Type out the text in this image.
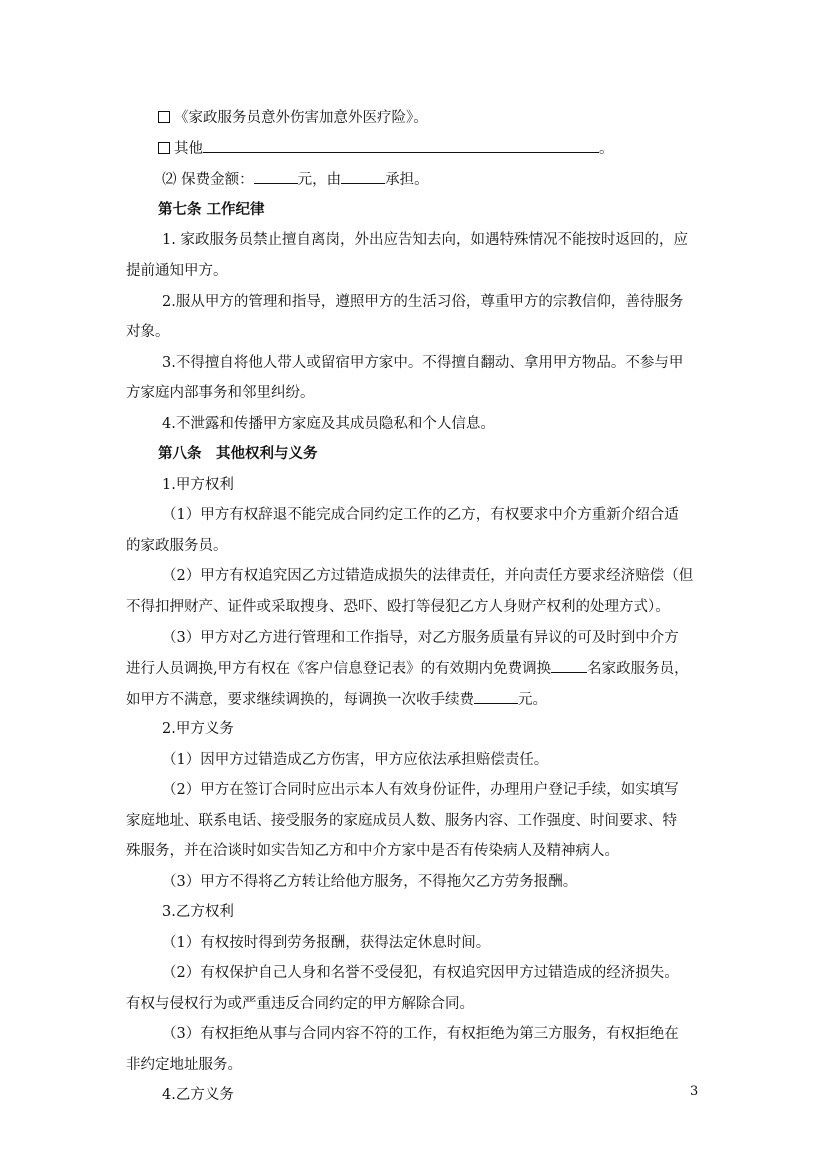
《家政服务员意外伤害加意外医疗险》。
其他	。
⑵ 保费金额：	元，由	承担。
第七条 工作纪律
1. 家政服务员禁止擅自离岗，外出应告知去向，如遇特殊情况不能按时返回的，应
提前通知甲方。
2.服从甲方的管理和指导，遵照甲方的生活习俗，尊重甲方的宗教信仰，善待服务
对象。
3.不得擅自将他人带人或留宿甲方家中。不得擅自翻动、拿用甲方物品。不参与甲
方家庭内部事务和邻里纠纷。
4.不泄露和传播甲方家庭及其成员隐私和个人信息。
第八条　其他权利与义务
1.甲方权利
（1）甲方有权辞退不能完成合同约定工作的乙方，有权要求中介方重新介绍合适
的家政服务员。
（2）甲方有权追究因乙方过错造成损失的法律责任，并向责任方要求经济赔偿（但
不得扣押财产、证件或采取搜身、恐吓、殴打等侵犯乙方人身财产权利的处理方式）。
（3）甲方对乙方进行管理和工作指导，对乙方服务质量有异议的可及时到中介方
进行人员调换,甲方有权在《客户信息登记表》的有效期内免费调换 名家政服务员，
如甲方不满意，要求继续调换的，每调换一次收手续费	元。
2.甲方义务
（1）因甲方过错造成乙方伤害，甲方应依法承担赔偿责任。
（2）甲方在签订合同时应出示本人有效身份证件，办理用户登记手续，如实填写
家庭地址、联系电话、接受服务的家庭成员人数、服务内容、工作强度、时间要求、特
殊服务，并在洽谈时如实告知乙方和中介方家中是否有传染病人及精神病人。
（3）甲方不得将乙方转让给他方服务，不得拖欠乙方劳务报酬。
3.乙方权利
（1）有权按时得到劳务报酬，获得法定休息时间。
（2）有权保护自己人身和名誉不受侵犯，有权追究因甲方过错造成的经济损失。
有权与侵权行为或严重违反合同约定的甲方解除合同。
（3）有权拒绝从事与合同内容不符的工作，有权拒绝为第三方服务，有权拒绝在
非约定地址服务。
4.乙方义务	3
